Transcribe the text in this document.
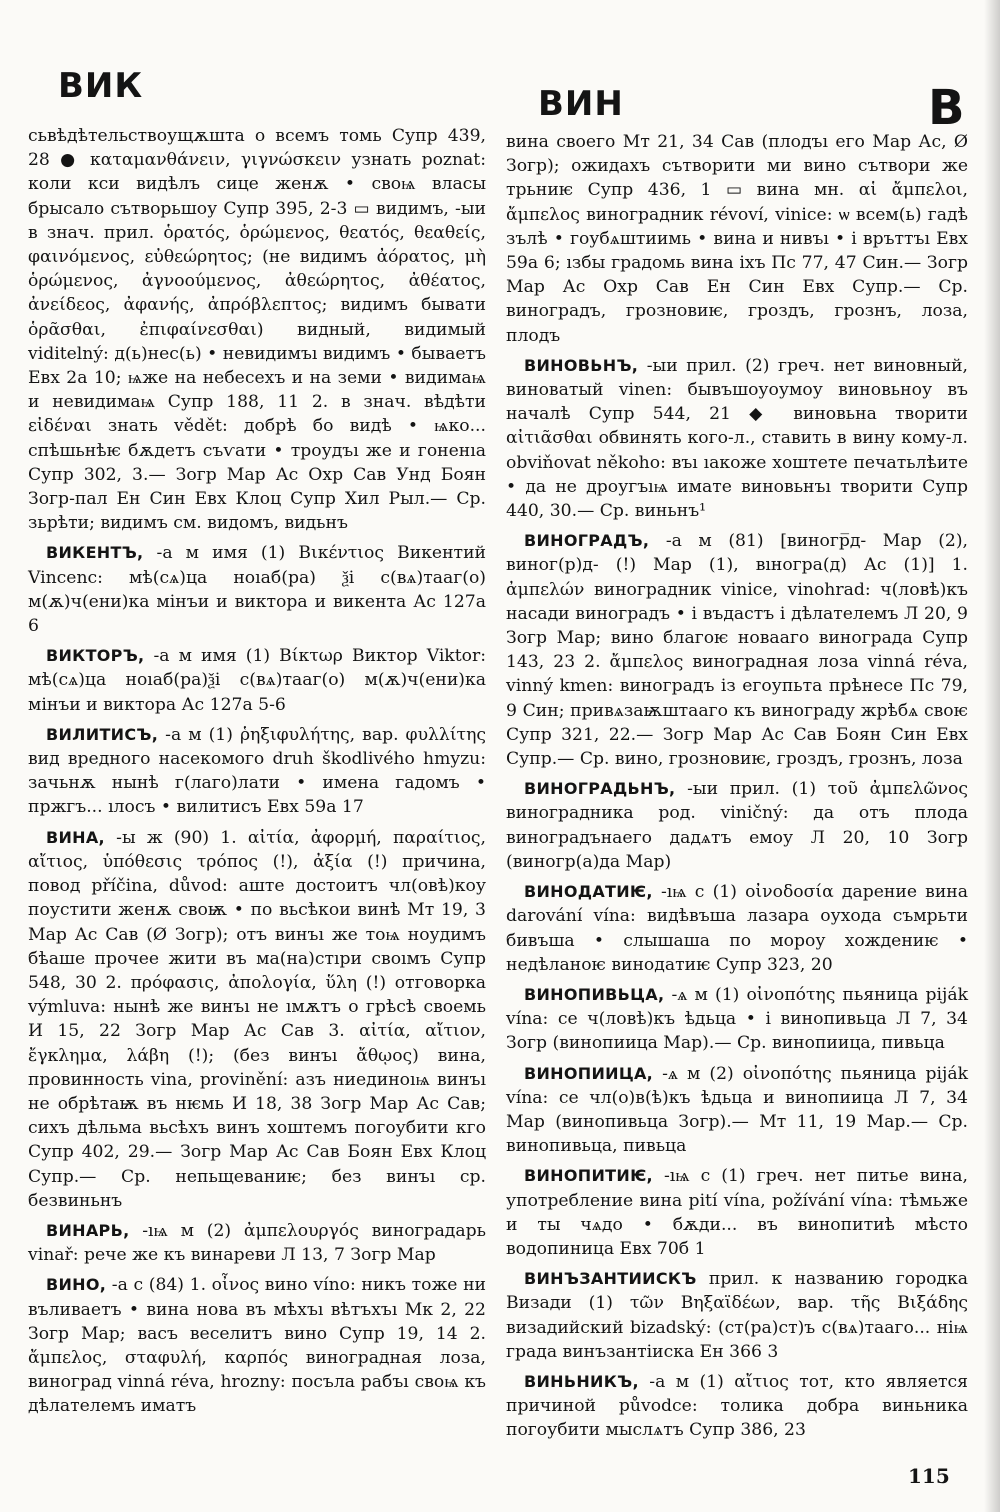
ВИК	ВИН	В

сьвѣдѣтельствоущѫшта о всемъ томь Супр 439, 28 ● καταμανθάνειν, γιγνώσκειν узнать poznat: коли кси видѣлъ сице женѫ • своѩ власы брысало сътворьшоу Супр 395, 2-3 ▭ видимъ, -ыи в знач. прил. ὁρατός, ὁρώμενος, θεατός, θεαθείς, φαινόμενος, εὐθεώρητος; (не видимъ ἀόρατος, μὴ ὁρώμενος, ἀγνοούμενος, ἀθεώρητος, ἀθέατος, ἀνείδεος, ἀφανής, ἀπρόβλεπτος; видимъ бывати ὁρᾶσθαι, ἐπιφαίνεσθαι) видный, видимый viditelný: д(ь)нес(ь) • невидимъı видимъ • бываетъ Евх 2а 10; ѩже на небесехъ и на земи • видимаѩ и невидимаѩ Супр 188, 11 2. в знач. вѣдѣти εἰδέναι знать vědět: добрѣ бо видѣ • ѩко... спѣшьнѣѥ бѫдетъ съѵати • троудъı же и гоненıа Супр 302, 3.— Зогр Мар Ас Охр Сав Унд Боян Зогр-пал Ен Син Евх Клоц Супр Хил Рыл.— Ср. зьрѣти; видимъ см. видомъ, видьнъ

ВИКЕНТЪ, -а м имя (1) Βικέντιος Викентий Vincenc: мѣ(сѧ)ца ноıаб(ра) ѯі с(вѧ)тааг(о) м(ѫ)ч(ени)ка мінъи и виктора и викента Ас 127а 6

ВИКТОРЪ, -а м имя (1) Βίκτωρ Виктор Viktor: мѣ(сѧ)ца ноıаб(ра)ѯі с(вѧ)тааг(о) м(ѫ)ч(ени)ка мінъи и виктора Ас 127а 5-6

ВИЛИТИСЪ, -а м (1) ῥηξιφυλήτης, вар. φυλλίτης вид вредного насекомого druh škodlivého hmyzu: зачьнѫ нынѣ г(лаго)лати • имена гадомъ • пржгъ... ıлосъ • вилитисъ Евх 59а 17

ВИНА, -ы ж (90) 1. αἰτία, ἀφορμή, παραίτιος, αἴτιος, ὑπόθεσις τρόπος (!), ἀξία (!) причина, повод příčina, důvod: аште достоитъ чл(овѣ)коу поустити женѫ своѭ • по вьсѣкои винѣ Мт 19, 3 Мар Ас Сав (Ø Зогр); отъ винъı же тоѩ ноудимъ бѣаше прочее жити въ ма(на)стıри своıмъ Супр 548, 30 2. πρόφασις, ἀπολογία, ὕλη (!) отговорка výmluva: нынѣ же винъı не ıмѫтъ о грѣсѣ своемь И 15, 22 Зогр Мар Ас Сав 3. αἰτία, αἴτιον, ἔγκλημα, λάβη (!); (без винъı ἄθῳος) вина, провинность vina, provinění: азъ ниединоıѩ винъı не обрѣтаѭ въ нѥмь И 18, 38 Зогр Мар Ас Сав; сихъ дѣльма вьсѣхъ винъ хоштемъ погоубити кго Супр 402, 29.— Зогр Мар Ас Сав Боян Евх Клоц Супр.— Ср. непьщеваниѥ; без винъı ср. безвиньнъ

ВИНАРЬ, -ıѩ м (2) ἀμπελουργός виноградарь vinař: рече же къ винареви Л 13, 7 Зогр Мар

ВИНО, -а с (84) 1. οἶνος вино víno: никъ тоже ни въливаетъ • вина нова въ мѣхъı вѣтъхъı Мк 2, 22 Зогр Мар; васъ веселитъ вино Супр 19, 14 2. ἄμπελος, σταφυλή, καρπός виноградная лоза, виноград vinná réva, hrozny: посъла рабъı своѩ къ дѣлателемъ иматъ

вина своего Мт 21, 34 Сав (плодъı его Мар Ас, Ø Зогр); ожидахъ сътворити ми вино сътвори же трьниѥ Супр 436, 1 ▭ вина мн. αἱ ἄμπελοι, ἄμπελος виноградник révoví, vinice: ѡ всем(ь) гадѣ зълѣ • гоубѧштиимь • вина и нивъı • і връттъı Евх 59а 6; ıзбы градомь вина іхъ Пс 77, 47 Син.— Зогр Мар Ас Охр Сав Ен Син Евх Супр.— Ср. виноградъ, грозновиѥ, гроздъ, грознъ, лоза, плодъ

ВИНОВЬНЪ, -ыи прил. (2) греч. нет виновный, виноватый vinen: бывъшоуоумоу виновьноу въ началѣ Супр 544, 21 ◆ виновьна творити αἰτιᾶσθαι обвинять кого-л., ставить в вину кому-л. obviňovat někoho: въı ıакоже хоштете печатьлѣите • да не дроугъıѩ имате виновьнъı творити Супр 440, 30.— Ср. виньнъ¹

ВИНОГРАДЪ, -а м (81) [виногр̅д- Мар (2), виног(р)д- (!) Мар (1), вıногра(д) Ас (1)] 1. ἀμπελών виноградник vinice, vinohrad: ч(ловѣ)къ насади виноградъ • і въдастъ і дѣлателемъ Л 20, 9 Зогр Мар; вино благоѥ новааго винограда Супр 143, 23 2. ἄμπελος виноградная лоза vinná réva, vinný kmen: виноградъ із егоупьта прѣнесе Пс 79, 9 Син; привѧзаѭштааго къ винограду жрѣбѧ своѥ Супр 321, 22.— Зогр Мар Ас Сав Боян Син Евх Супр.— Ср. вино, грозновиѥ, гроздъ, грознъ, лоза

ВИНОГРАДЬНЪ, -ыи прил. (1) τοῦ ἀμπελῶνος виноградника род. viničný: да отъ плода виноградънаего дадѧтъ емоу Л 20, 10 Зогр (виногр(а)да Мар)

ВИНОДАТИѤ, -ıѩ с (1) οἰνοδοσία дарение вина darování vína: видѣвъша лазара оухода съмрьти бивъша • слышаша по мороу хождениѥ • недѣланоѥ винодатиѥ Супр 323, 20

ВИНОПИВЬЦА, -ѧ м (1) οἰνοπότης пьяница piják vína: се ч(ловѣ)къ ѣдьца • і винопивьца Л 7, 34 Зогр (винопиица Мар).— Ср. винопиица, пивьца

ВИНОПИИЦА, -ѧ м (2) οἰνοπότης пьяница piják vína: се чл(о)в(ѣ)къ ѣдьца и винопиица Л 7, 34 Мар (винопивьца Зогр).— Мт 11, 19 Мар.— Ср. винопивьца, пивьца

ВИНОПИТИѤ, -ıѩ с (1) греч. нет питье вина, употребление вина pití vína, požívání vína: тѣмьже и ты чѧдо • бѫди... въ винопитиѣ мѣсто водопиница Евх 70б 1

ВИНЪЗАНТИИСКЪ прил. к названию городка Визади (1) τῶν Βηξαϊδέων, вар. τῆς Βιξάδης визадийский bizadský: (ст(ра)ст)ъ с(вѧ)тааго... ніѩ града винъзантіиска Ен 366 3

ВИНЬНИКЪ, -а м (1) αἴτιος тот, кто является причиной původce: толика добра виньника погоубити мыслѧтъ Супр 386, 23

115
